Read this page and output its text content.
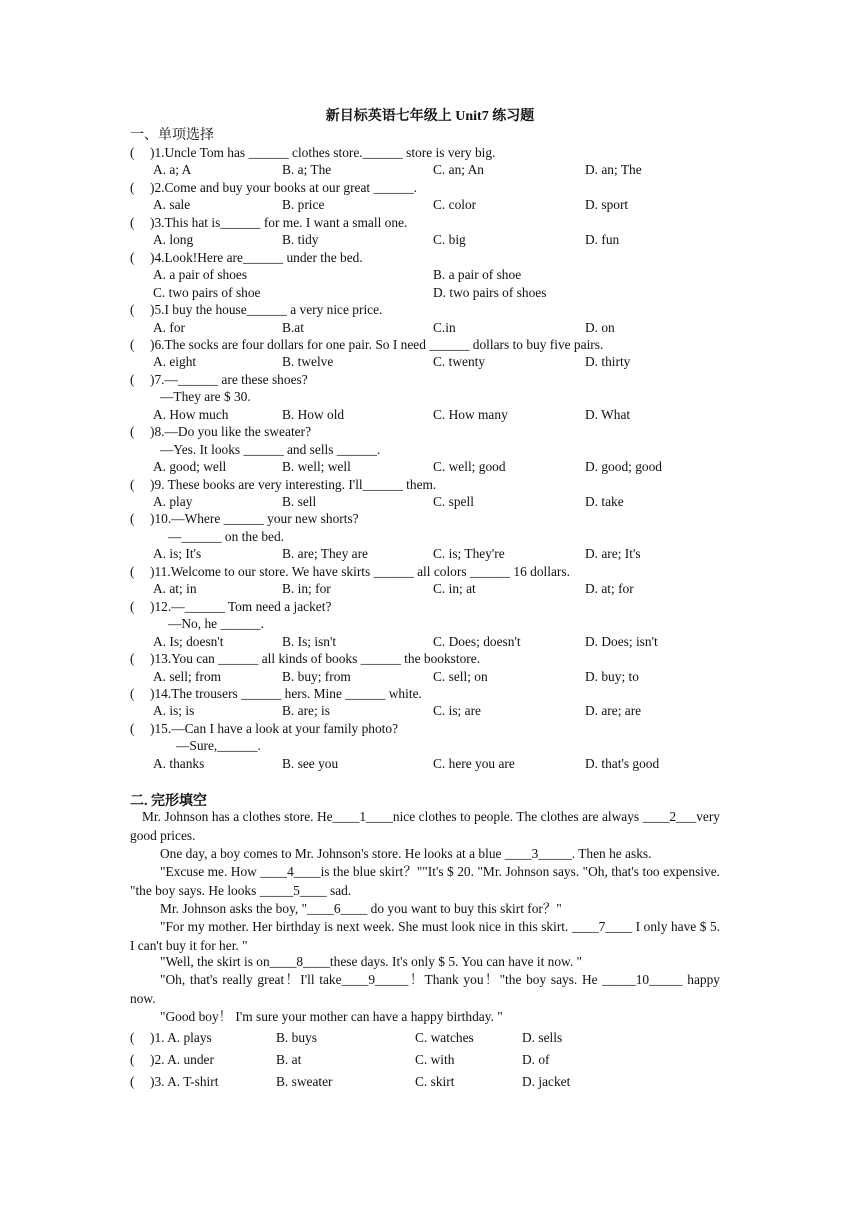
新目标英语七年级上 Unit7 练习题
一、单项选择
( )1.Uncle Tom has ______ clothes store.______ store is very big.
A. a; A	B. a; The	C. an; An	D. an; The
( )2.Come and buy your books at our great ______.
A. sale	B. price	C. color	D. sport
( )3.This hat is______ for me. I want a small one.
A. long	B. tidy	C. big	D. fun
( )4.Look!Here are______ under the bed.
A. a pair of shoes	B. a pair of shoe
C. two pairs of shoe	D. two pairs of shoes
( )5.I buy the house______ a very nice price.
A. for	B.at	C.in	D. on
( )6.The socks are four dollars for one pair. So I need ______ dollars to buy five pairs.
A. eight	B. twelve	C. twenty	D. thirty
( )7.—______ are these shoes?
—They are $ 30.
A. How much	B. How old	C. How many	D. What
( )8.—Do you like the sweater?
—Yes. It looks ______ and sells ______.
A. good; well	B. well; well	C. well; good	D. good; good
( )9. These books are very interesting. I'll______ them.
A. play	B. sell	C. spell	D. take
( )10.—Where ______ your new shorts?
—______ on the bed.
A. is; It's	B. are; They are	C. is; They're	D. are; It's
( )11.Welcome to our store. We have skirts ______ all colors ______ 16 dollars.
A. at; in	B. in; for	C. in; at	D. at; for
( )12.—______ Tom need a jacket?
—No, he ______.
A. Is; doesn't	B. Is; isn't	C. Does; doesn't	D. Does; isn't
( )13.You can ______ all kinds of books ______ the bookstore.
A. sell; from	B. buy; from	C. sell; on	D. buy; to
( )14.The trousers ______ hers. Mine ______ white.
A. is; is	B. are; is	C. is; are	D. are; are
( )15.—Can I have a look at your family photo?
—Sure,______.
A. thanks	B. see you	C. here you are	D. that's good
二. 完形填空
Mr. Johnson has a clothes store. He____1____nice clothes to people. The clothes are always ____2___very good prices.
One day, a boy comes to Mr. Johnson's store. He looks at a blue ____3_____. Then he asks.
"Excuse me. How ____4____is the blue skirt？""It's $ 20. "Mr. Johnson says. "Oh, that's too expensive. "the boy says. He looks _____5____ sad.
Mr. Johnson asks the boy, "____6____ do you want to buy this skirt for？"
"For my mother. Her birthday is next week. She must look nice in this skirt. ____7____ I only have $ 5. I can't buy it for her. "
"Well, the skirt is on____8____these days. It's only $ 5. You can have it now. "
"Oh, that's really great！I'll take____9_____！Thank you！"the boy says. He _____10_____ happy now.
"Good boy！ I'm sure your mother can have a happy birthday. "
( )1. A. plays	B. buys	C. watches	D. sells
( )2. A. under	B. at	C. with	D. of
( )3. A. T-shirt	B. sweater	C. skirt	D. jacket
